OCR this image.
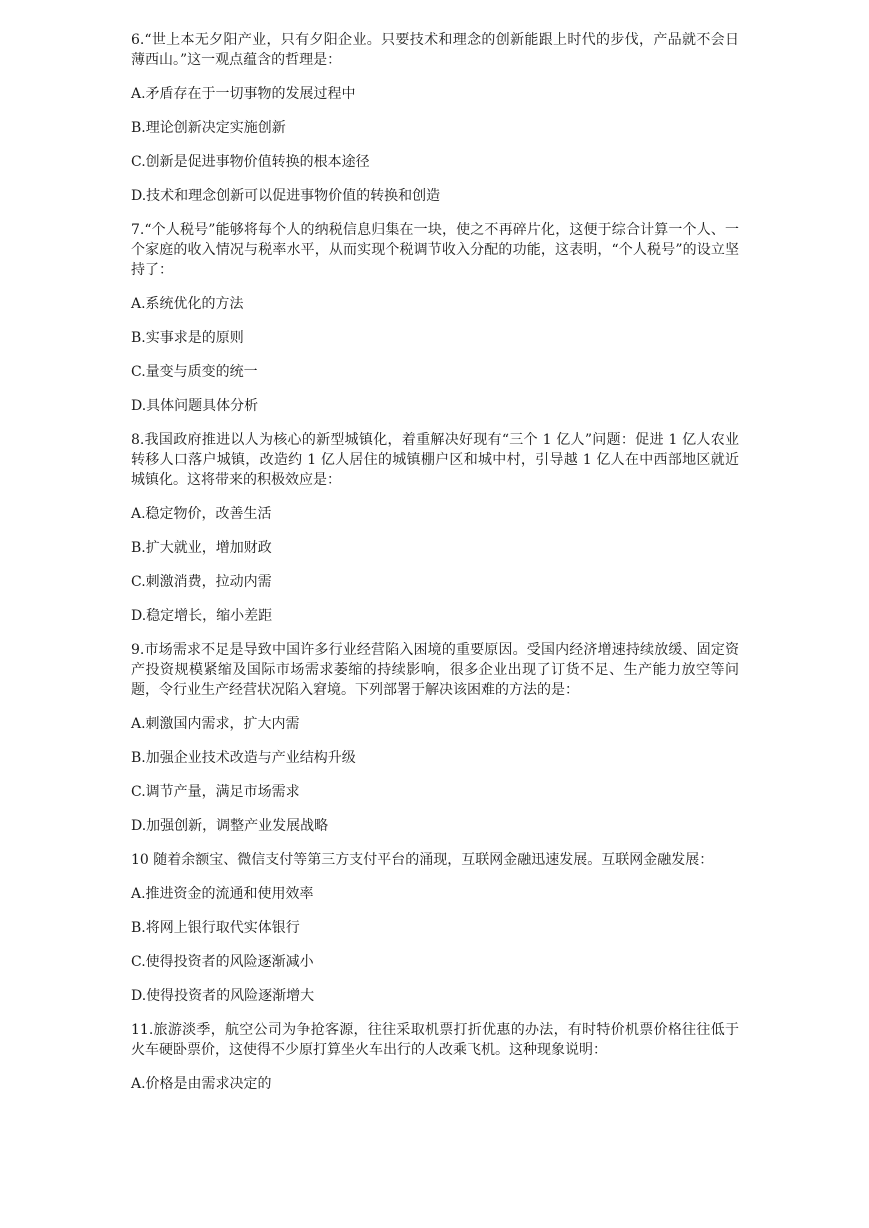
6.“世上本无夕阳产业，只有夕阳企业。只要技术和理念的创新能跟上时代的步伐，产品就不会日薄西山。”这一观点蕴含的哲理是：

A.矛盾存在于一切事物的发展过程中

B.理论创新决定实施创新

C.创新是促进事物价值转换的根本途径

D.技术和理念创新可以促进事物价值的转换和创造

7.“个人税号”能够将每个人的纳税信息归集在一块，使之不再碎片化，这便于综合计算一个人、一个家庭的收入情况与税率水平，从而实现个税调节收入分配的功能，这表明，“个人税号”的设立坚持了：

A.系统优化的方法

B.实事求是的原则

C.量变与质变的统一

D.具体问题具体分析

8.我国政府推进以人为核心的新型城镇化，着重解决好现有“三个 1 亿人”问题：促进 1 亿人农业转移人口落户城镇，改造约 1 亿人居住的城镇棚户区和城中村，引导越 1 亿人在中西部地区就近城镇化。这将带来的积极效应是：

A.稳定物价，改善生活

B.扩大就业，增加财政

C.刺激消费，拉动内需

D.稳定增长，缩小差距

9.市场需求不足是导致中国许多行业经营陷入困境的重要原因。受国内经济增速持续放缓、固定资产投资规模紧缩及国际市场需求萎缩的持续影响，很多企业出现了订货不足、生产能力放空等问题，令行业生产经营状况陷入窘境。下列部署于解决该困难的方法的是：

A.刺激国内需求，扩大内需

B.加强企业技术改造与产业结构升级

C.调节产量，满足市场需求

D.加强创新，调整产业发展战略

10 随着余额宝、微信支付等第三方支付平台的涌现，互联网金融迅速发展。互联网金融发展：

A.推进资金的流通和使用效率

B.将网上银行取代实体银行

C.使得投资者的风险逐渐减小

D.使得投资者的风险逐渐增大

11.旅游淡季，航空公司为争抢客源，往往采取机票打折优惠的办法，有时特价机票价格往往低于火车硬卧票价，这使得不少原打算坐火车出行的人改乘飞机。这种现象说明：

A.价格是由需求决定的
